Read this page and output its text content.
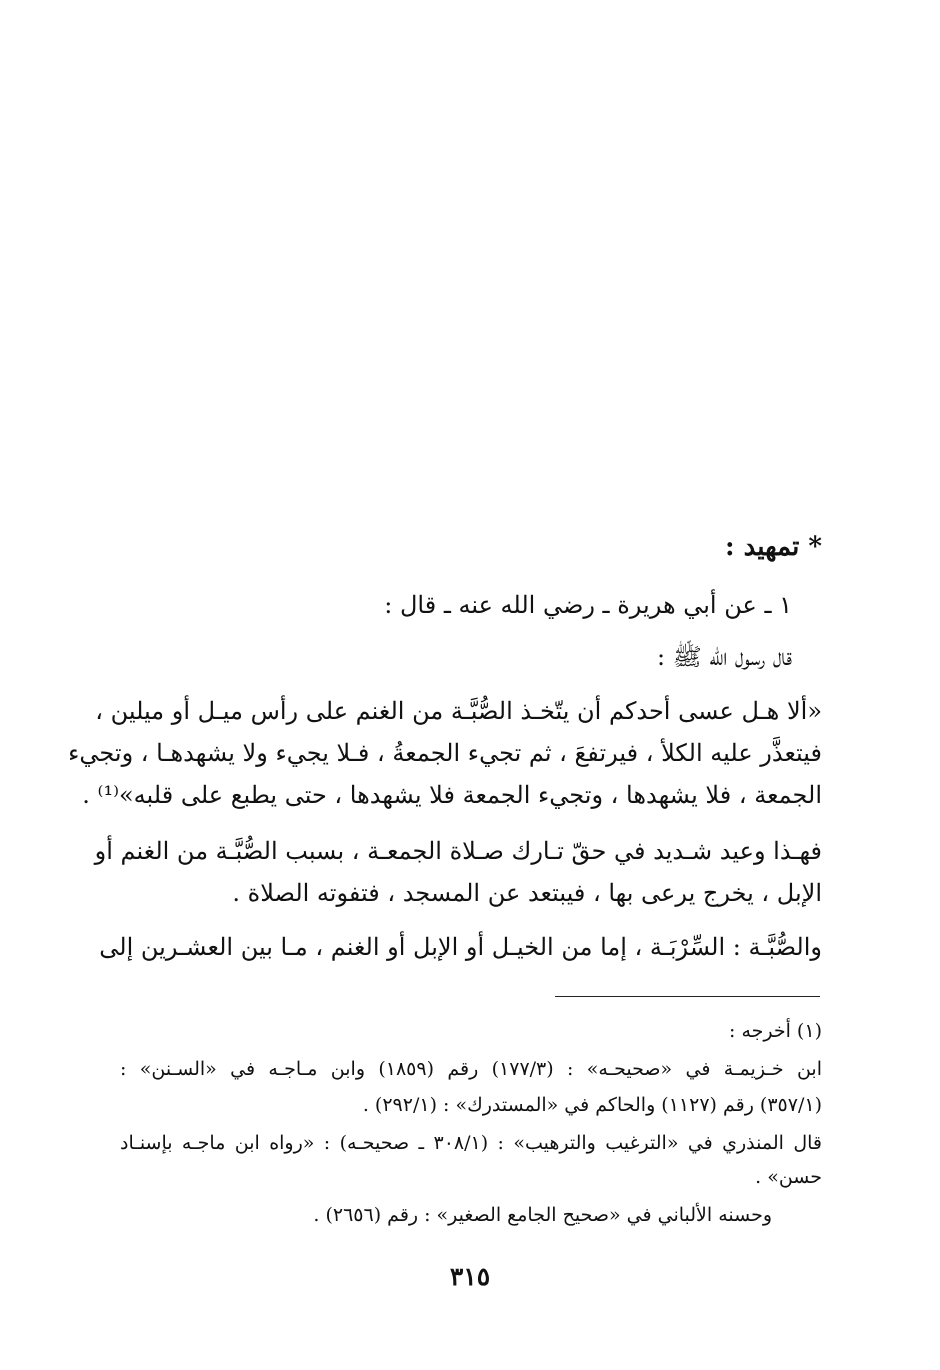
* تمهيد :
١ ـ عن أبي هريرة ـ رضي الله عنه ـ قال :
قال رسول الله ﷺ :
«ألا هـل عسى أحدكم أن يتّخـذ الصُّبَّـة من الغنم على رأس ميـل أو ميلين ،
فيتعذَّر عليه الكلأ ، فيرتفعَ ، ثم تجيء الجمعةُ ، فـلا يجيء ولا يشهدهـا ، وتجيء
الجمعة ، فلا يشهدها ، وتجيء الجمعة فلا يشهدها ، حتى يطبع على قلبه»⁽¹⁾ .
فهـذا وعيد شـديد في حقّ تـارك صـلاة الجمعـة ، بسبب الصُّبَّـة من الغنم أو
الإبل ، يخرج يرعى بها ، فيبتعد عن المسجد ، فتفوته الصلاة .
والصُّبَّـة : السِّرْبَـة ، إما من الخيـل أو الإبل أو الغنم ، مـا بين العشـرين إلى
(١) أخرجه :
ابن خـزيمـة في «صحيحـه» : (١٧٧/٣) رقم (١٨٥٩) وابن مـاجـه في «السـنن» :
(٣٥٧/١) رقم (١١٢٧) والحاكم في «المستدرك» : (٢٩٢/١) .
قال المنذري في «الترغيب والترهيب» : (٣٠٨/١ ـ صحيحـه) : «رواه ابن ماجـه بإسنـاد
حسن» .
وحسنه الألباني في «صحيح الجامع الصغير» : رقم (٢٦٥٦) .
٣١٥
